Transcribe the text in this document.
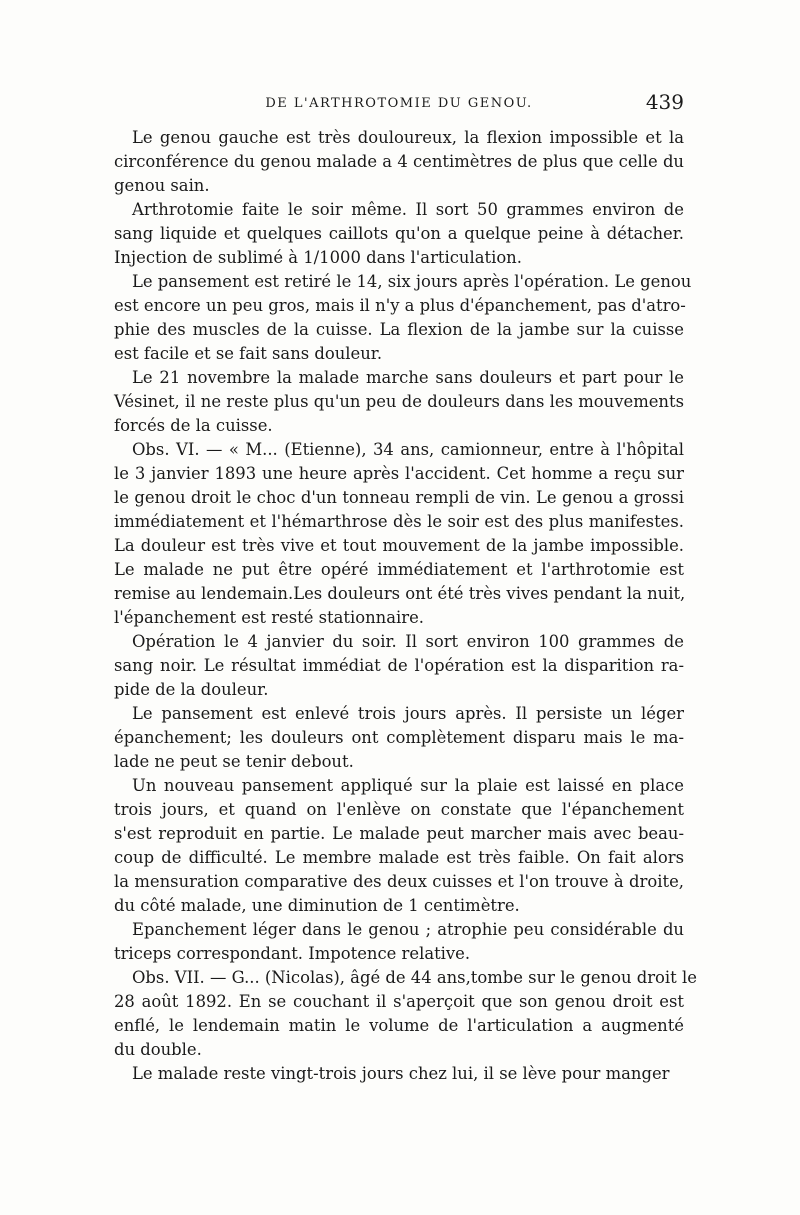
DE L'ARTHROTOMIE DU GENOU.	439
Le genou gauche est très douloureux, la flexion impossible et la
circonférence du genou malade a 4 centimètres de plus que celle du
genou sain.
Arthrotomie faite le soir même. Il sort 50 grammes environ de
sang liquide et quelques caillots qu'on a quelque peine à détacher.
Injection de sublimé à 1/1000 dans l'articulation.
Le pansement est retiré le 14, six jours après l'opération. Le genou
est encore un peu gros, mais il n'y a plus d'épanchement, pas d'atro-
phie des muscles de la cuisse. La flexion de la jambe sur la cuisse
est facile et se fait sans douleur.
Le 21 novembre la malade marche sans douleurs et part pour le
Vésinet, il ne reste plus qu'un peu de douleurs dans les mouvements
forcés de la cuisse.
Obs. VI. — « M... (Etienne), 34 ans, camionneur, entre à l'hôpital
le 3 janvier 1893 une heure après l'accident. Cet homme a reçu sur
le genou droit le choc d'un tonneau rempli de vin. Le genou a grossi
immédiatement et l'hémarthrose dès le soir est des plus manifestes.
La douleur est très vive et tout mouvement de la jambe impossible.
Le malade ne put être opéré immédiatement et l'arthrotomie est
remise au lendemain.Les douleurs ont été très vives pendant la nuit,
l'épanchement est resté stationnaire.
Opération le 4 janvier du soir. Il sort environ 100 grammes de
sang noir. Le résultat immédiat de l'opération est la disparition ra-
pide de la douleur.
Le pansement est enlevé trois jours après. Il persiste un léger
épanchement; les douleurs ont complètement disparu mais le ma-
lade ne peut se tenir debout.
Un nouveau pansement appliqué sur la plaie est laissé en place
trois jours, et quand on l'enlève on constate que l'épanchement
s'est reproduit en partie. Le malade peut marcher mais avec beau-
coup de difficulté. Le membre malade est très faible. On fait alors
la mensuration comparative des deux cuisses et l'on trouve à droite,
du côté malade, une diminution de 1 centimètre.
Epanchement léger dans le genou ; atrophie peu considérable du
triceps correspondant. Impotence relative.
Obs. VII. — G... (Nicolas), âgé de 44 ans,tombe sur le genou droit le
28 août 1892. En se couchant il s'aperçoit que son genou droit est
enflé, le lendemain matin le volume de l'articulation a augmenté
du double.
Le malade reste vingt-trois jours chez lui, il se lève pour manger
